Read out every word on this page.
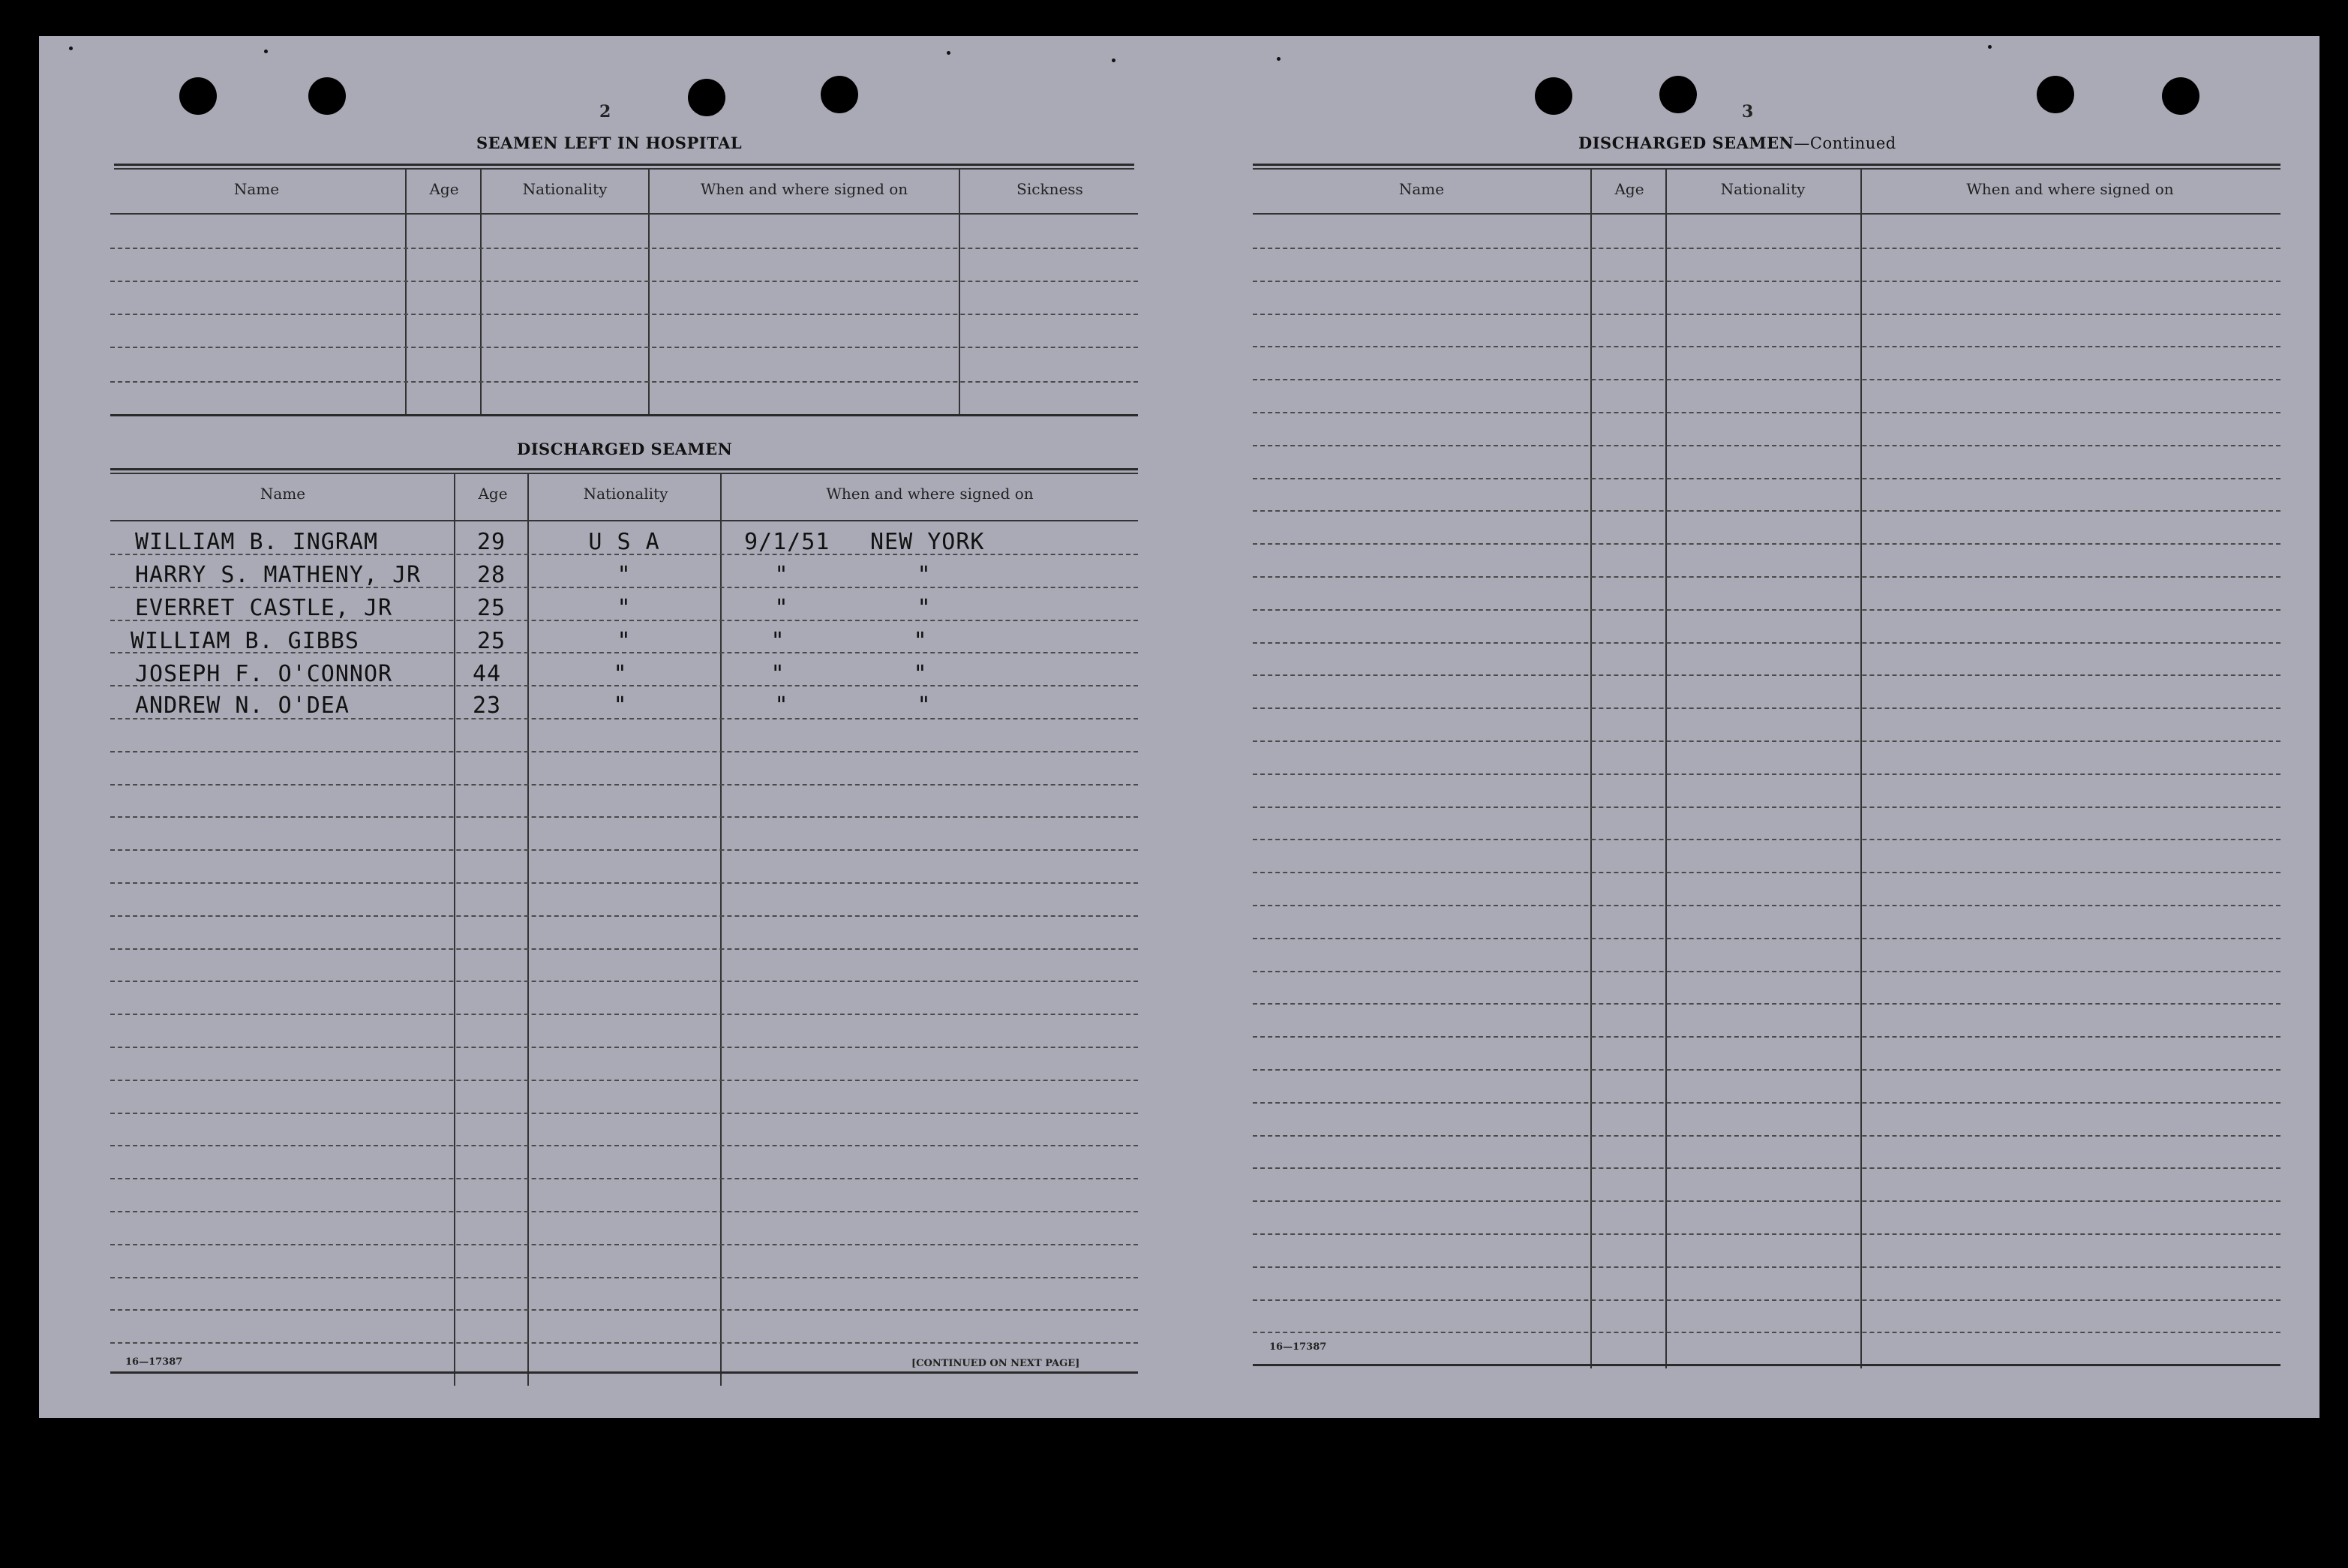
2
SEAMEN LEFT IN HOSPITAL
Name	Age	Nationality	When and where signed on	Sickness
DISCHARGED SEAMEN
Name	Age	Nationality	When and where signed on
WILLIAM B. INGRAM	29	U S A	9/1/51 NEW YORK
HARRY S. MATHENY, JR 28	"	"	"
EVERRET CASTLE, JR	25	"	"	"
WILLIAM B. GIBBS	25	"	"	"
JOSEPH F. O'CONNOR	44	"	"	"
ANDREW N. O'DEA	23	"	"	"
16—17387	[CONTINUED ON NEXT PAGE]
3
DISCHARGED SEAMEN—Continued
Name	Age	Nationality	When and where signed on
16—17387
